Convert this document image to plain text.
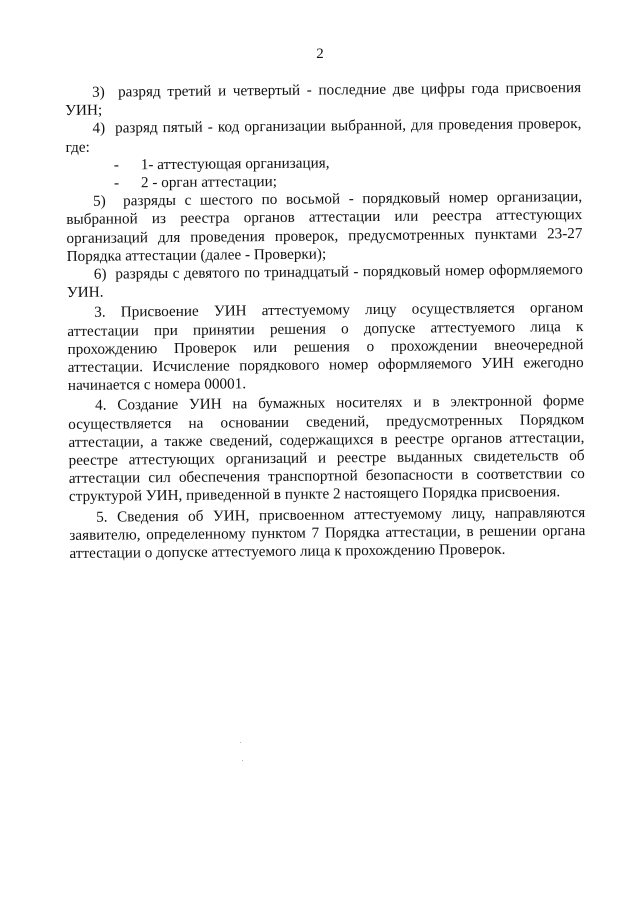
2

3)  разряд третий и четвертый - последние две цифры года присвоения УИН;

4)  разряд пятый - код организации выбранной, для проведения проверок, где:

- 1- аттестующая организация,
- 2 - орган аттестации;

5)  разряды с шестого по восьмой - порядковый номер организации, выбранной из реестра органов аттестации или реестра аттестующих организаций для проведения проверок, предусмотренных пунктами 23-27 Порядка аттестации (далее - Проверки);

6)  разряды с девятого по тринадцатый - порядковый номер оформляемого УИН.

3. Присвоение УИН аттестуемому лицу осуществляется органом аттестации при принятии решения о допуске аттестуемого лица к прохождению Проверок или решения о прохождении внеочередной аттестации. Исчисление порядкового номер оформляемого УИН ежегодно начинается с номера 00001.

4. Создание УИН на бумажных носителях и в электронной форме осуществляется на основании сведений, предусмотренных Порядком аттестации, а также сведений, содержащихся в реестре органов аттестации, реестре аттестующих организаций и реестре выданных свидетельств об аттестации сил обеспечения транспортной безопасности в соответствии со структурой УИН, приведенной в пункте 2 настоящего Порядка присвоения.

5. Сведения об УИН, присвоенном аттестуемому лицу, направляются заявителю, определенному пунктом 7 Порядка аттестации, в решении органа аттестации о допуске аттестуемого лица к прохождению Проверок.
